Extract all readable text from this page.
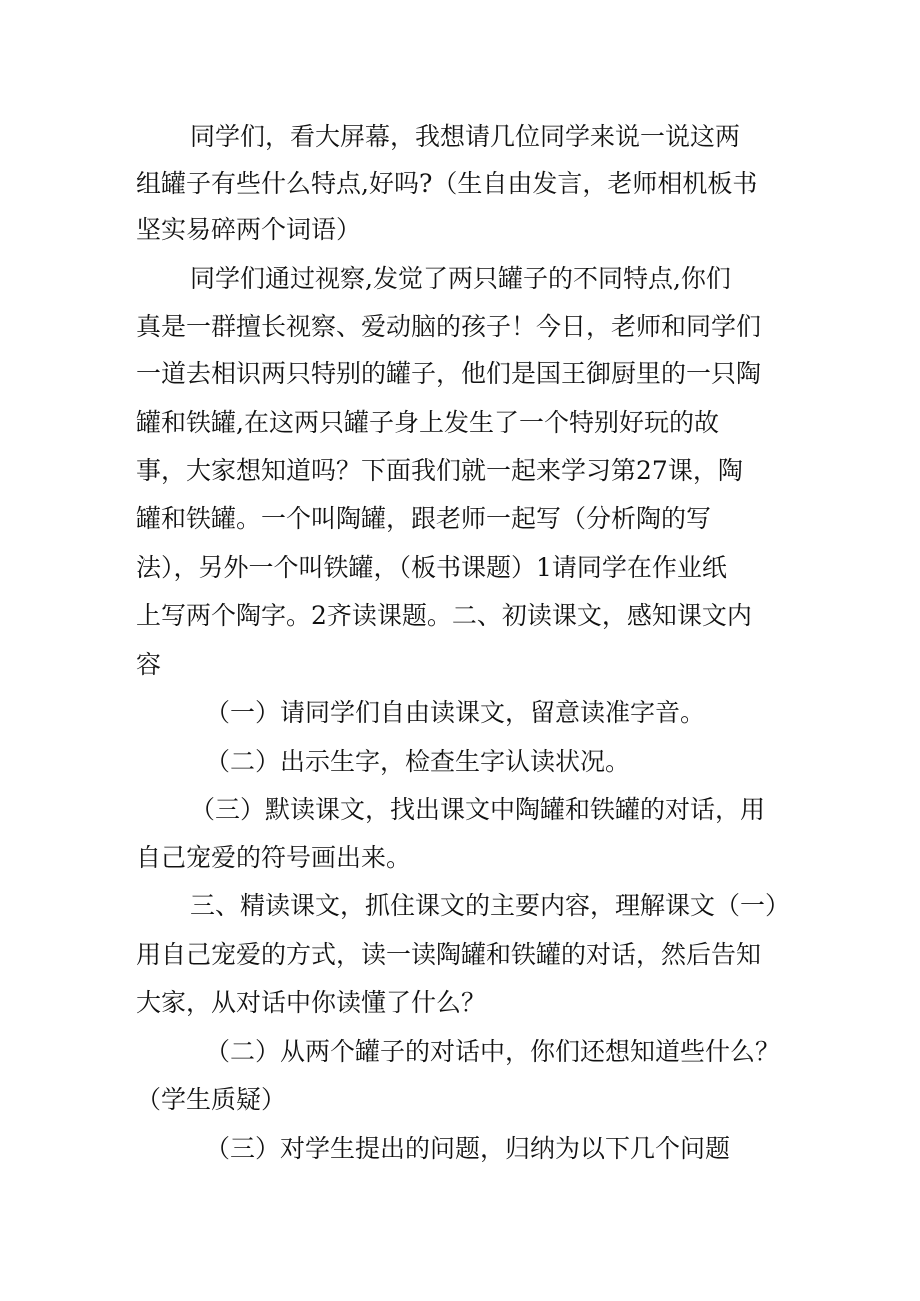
同学们，看大屏幕，我想请几位同学来说一说这两
组罐子有些什么特点,好吗?（生自由发言，老师相机板书
坚实易碎两个词语）
同学们通过视察,发觉了两只罐子的不同特点,你们
真是一群擅长视察、爱动脑的孩子！今日，老师和同学们
一道去相识两只特别的罐子，他们是国王御厨里的一只陶
罐和铁罐,在这两只罐子身上发生了一个特别好玩的故
事，大家想知道吗？下面我们就一起来学习第27课，陶
罐和铁罐。一个叫陶罐，跟老师一起写（分析陶的写
法），另外一个叫铁罐，（板书课题）1请同学在作业纸
上写两个陶字。2齐读课题。二、初读课文，感知课文内
容
（一）请同学们自由读课文，留意读准字音。
（二）出示生字，检查生字认读状况。
（三）默读课文，找出课文中陶罐和铁罐的对话，用
自己宠爱的符号画出来。
三、精读课文，抓住课文的主要内容，理解课文（一）
用自己宠爱的方式，读一读陶罐和铁罐的对话，然后告知
大家，从对话中你读懂了什么？
（二）从两个罐子的对话中，你们还想知道些什么？
（学生质疑）
（三）对学生提出的问题，归纳为以下几个问题
